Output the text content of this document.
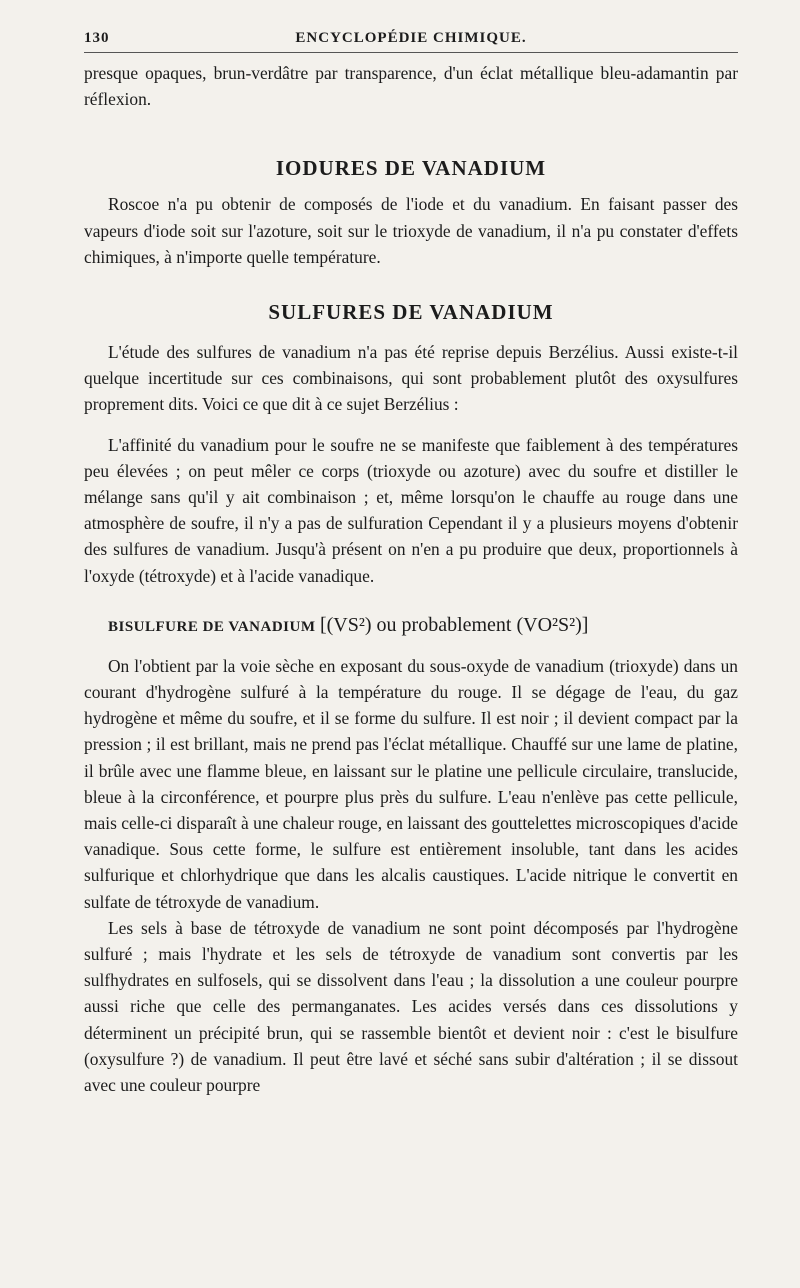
130	ENCYCLOPÉDIE CHIMIQUE.

presque opaques, brun-verdâtre par transparence, d'un éclat métallique bleu-adamantin par réflexion.

IODURES DE VANADIUM

Roscoe n'a pu obtenir de composés de l'iode et du vanadium. En faisant passer des vapeurs d'iode soit sur l'azoture, soit sur le trioxyde de vanadium, il n'a pu constater d'effets chimiques, à n'importe quelle température.

SULFURES DE VANADIUM

L'étude des sulfures de vanadium n'a pas été reprise depuis Berzélius. Aussi existe-t-il quelque incertitude sur ces combinaisons, qui sont probablement plutôt des oxysulfures proprement dits. Voici ce que dit à ce sujet Berzélius :

L'affinité du vanadium pour le soufre ne se manifeste que faiblement à des températures peu élevées ; on peut mêler ce corps (trioxyde ou azoture) avec du soufre et distiller le mélange sans qu'il y ait combinaison ; et, même lorsqu'on le chauffe au rouge dans une atmosphère de soufre, il n'y a pas de sulfuration Cependant il y a plusieurs moyens d'obtenir des sulfures de vanadium. Jusqu'à présent on n'en a pu produire que deux, proportionnels à l'oxyde (tétroxyde) et à l'acide vanadique.

BISULFURE DE VANADIUM [(VS²) ou probablement (VO²S²)]

On l'obtient par la voie sèche en exposant du sous-oxyde de vanadium (trioxyde) dans un courant d'hydrogène sulfuré à la température du rouge. Il se dégage de l'eau, du gaz hydrogène et même du soufre, et il se forme du sulfure. Il est noir ; il devient compact par la pression ; il est brillant, mais ne prend pas l'éclat métallique. Chauffé sur une lame de platine, il brûle avec une flamme bleue, en laissant sur le platine une pellicule circulaire, translucide, bleue à la circonférence, et pourpre plus près du sulfure. L'eau n'enlève pas cette pellicule, mais celle-ci disparaît à une chaleur rouge, en laissant des gouttelettes microscopiques d'acide vanadique. Sous cette forme, le sulfure est entièrement insoluble, tant dans les acides sulfurique et chlorhydrique que dans les alcalis caustiques. L'acide nitrique le convertit en sulfate de tétroxyde de vanadium.

Les sels à base de tétroxyde de vanadium ne sont point décomposés par l'hydrogène sulfuré ; mais l'hydrate et les sels de tétroxyde de vanadium sont convertis par les sulfhydrates en sulfosels, qui se dissolvent dans l'eau ; la dissolution a une couleur pourpre aussi riche que celle des permanganates. Les acides versés dans ces dissolutions y déterminent un précipité brun, qui se rassemble bientôt et devient noir : c'est le bisulfure (oxysulfure ?) de vanadium. Il peut être lavé et séché sans subir d'altération ; il se dissout avec une couleur pourpre
